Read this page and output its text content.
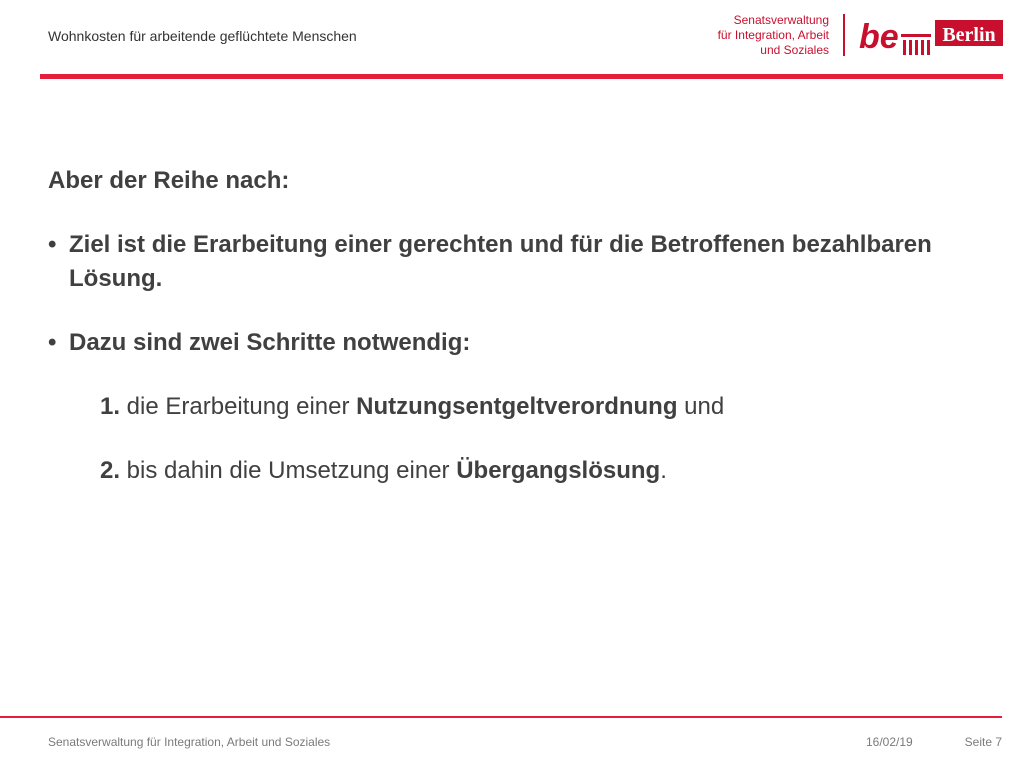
Wohnkosten für arbeitende geflüchtete Menschen
Senatsverwaltung
für Integration, Arbeit
und Soziales be Berlin

Aber der Reihe nach:

• Ziel ist die Erarbeitung einer gerechten und für die Betroffenen bezahlbaren Lösung.
• Dazu sind zwei Schritte notwendig:
1. die Erarbeitung einer Nutzungsentgeltverordnung und
2. bis dahin die Umsetzung einer Übergangslösung.
Senatsverwaltung für Integration, Arbeit und Soziales	16/02/19	Seite 7
